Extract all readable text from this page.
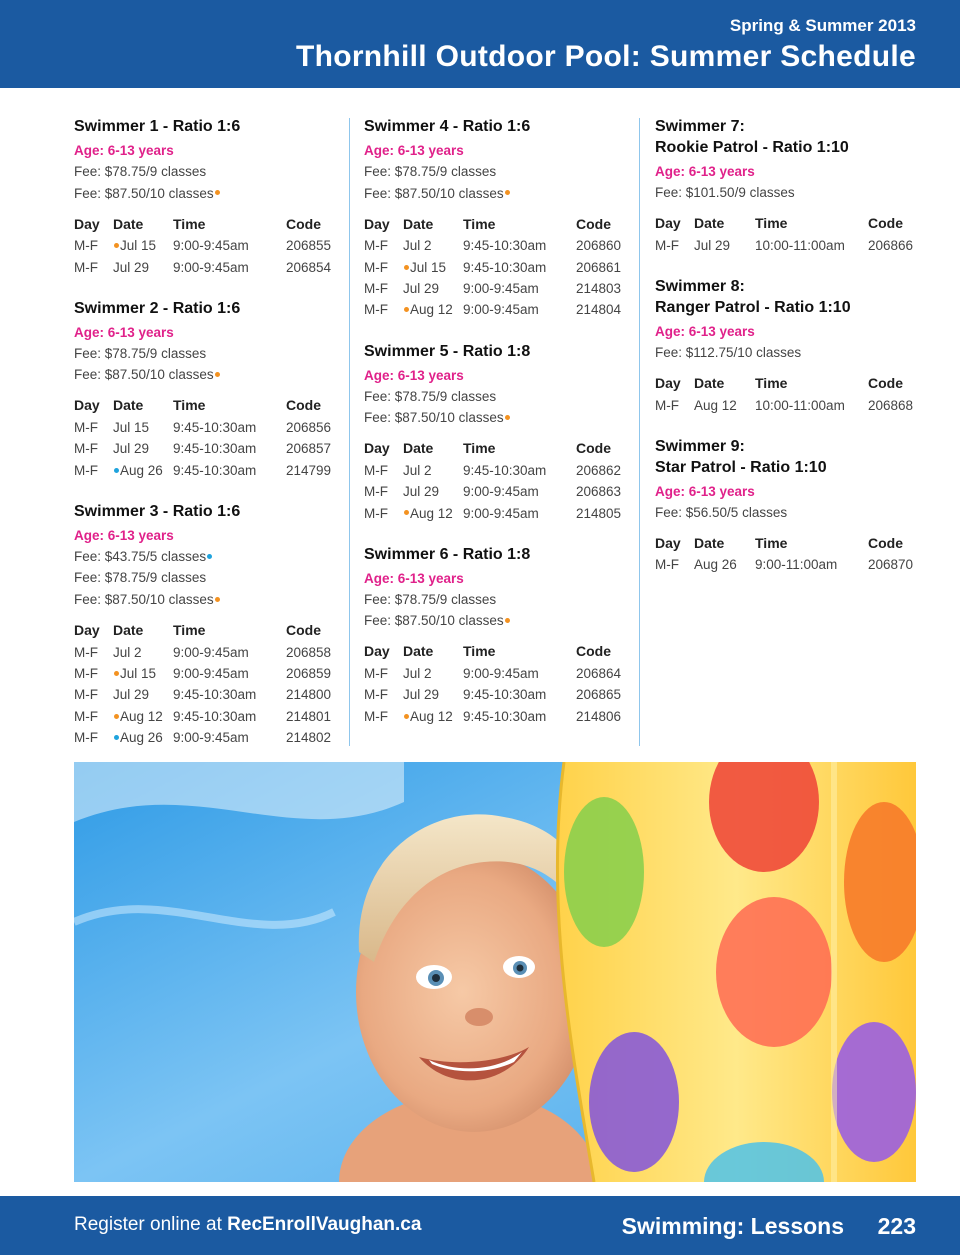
Spring & Summer 2013
Thornhill Outdoor Pool: Summer Schedule
Swimmer 1 - Ratio 1:6
Age: 6-13 years
Fee: $78.75/9 classes
Fee: $87.50/10 classes
Day	Date	Time	Code
M-F	Jul 15	9:00-9:45am	206855
M-F	Jul 29	9:00-9:45am	206854
Swimmer 2 - Ratio 1:6
Age: 6-13 years
Fee: $78.75/9 classes
Fee: $87.50/10 classes
Day	Date	Time	Code
M-F	Jul 15	9:45-10:30am	206856
M-F	Jul 29	9:45-10:30am	206857
M-F	Aug 26	9:45-10:30am	214799
Swimmer 3 - Ratio 1:6
Age: 6-13 years
Fee: $43.75/5 classes
Fee: $78.75/9 classes
Fee: $87.50/10 classes
Day	Date	Time	Code
M-F	Jul 2	9:00-9:45am	206858
M-F	Jul 15	9:00-9:45am	206859
M-F	Jul 29	9:45-10:30am	214800
M-F	Aug 12	9:45-10:30am	214801
M-F	Aug 26	9:00-9:45am	214802
Swimmer 4 - Ratio 1:6
Age: 6-13 years
Fee: $78.75/9 classes
Fee: $87.50/10 classes
Day	Date	Time	Code
M-F	Jul 2	9:45-10:30am	206860
M-F	Jul 15	9:45-10:30am	206861
M-F	Jul 29	9:00-9:45am	214803
M-F	Aug 12	9:00-9:45am	214804
Swimmer 5 - Ratio 1:8
Age: 6-13 years
Fee: $78.75/9 classes
Fee: $87.50/10 classes
Day	Date	Time	Code
M-F	Jul 2	9:45-10:30am	206862
M-F	Jul 29	9:00-9:45am	206863
M-F	Aug 12	9:00-9:45am	214805
Swimmer 6 - Ratio 1:8
Age: 6-13 years
Fee: $78.75/9 classes
Fee: $87.50/10 classes
Day	Date	Time	Code
M-F	Jul 2	9:00-9:45am	206864
M-F	Jul 29	9:45-10:30am	206865
M-F	Aug 12	9:45-10:30am	214806
Swimmer 7:
Rookie Patrol - Ratio 1:10
Age: 6-13 years
Fee: $101.50/9 classes
Day	Date	Time	Code
M-F	Jul 29	10:00-11:00am	206866
Swimmer 8:
Ranger Patrol - Ratio 1:10
Age: 6-13 years
Fee: $112.75/10 classes
Day	Date	Time	Code
M-F	Aug 12	10:00-11:00am	206868
Swimmer 9:
Star Patrol - Ratio 1:10
Age: 6-13 years
Fee: $56.50/5 classes
Day	Date	Time	Code
M-F	Aug 26	9:00-11:00am	206870
Register online at RecEnrollVaughan.ca	Swimming: Lessons 223
